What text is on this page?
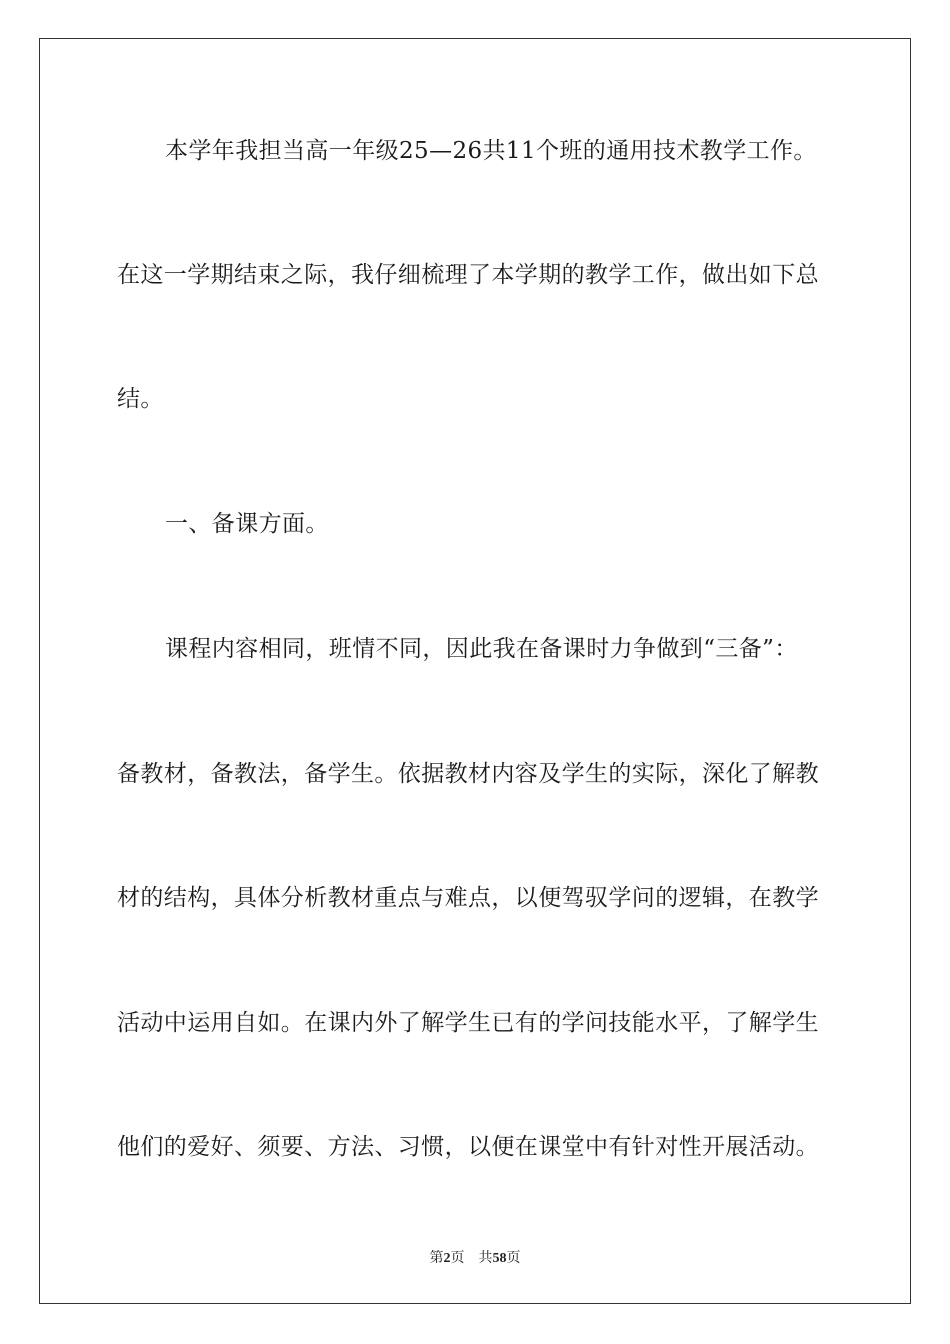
本学年我担当高一年级25—26共11个班的通用技术教学工作。
在这一学期结束之际，我仔细梳理了本学期的教学工作，做出如下总
结。
一、备课方面。
课程内容相同，班情不同，因此我在备课时力争做到“三备”：
备教材，备教法，备学生。依据教材内容及学生的实际，深化了解教
材的结构，具体分析教材重点与难点，以便驾驭学问的逻辑，在教学
活动中运用自如。在课内外了解学生已有的学问技能水平，了解学生
他们的爱好、须要、方法、习惯，以便在课堂中有针对性开展活动。
第2页 共58页
